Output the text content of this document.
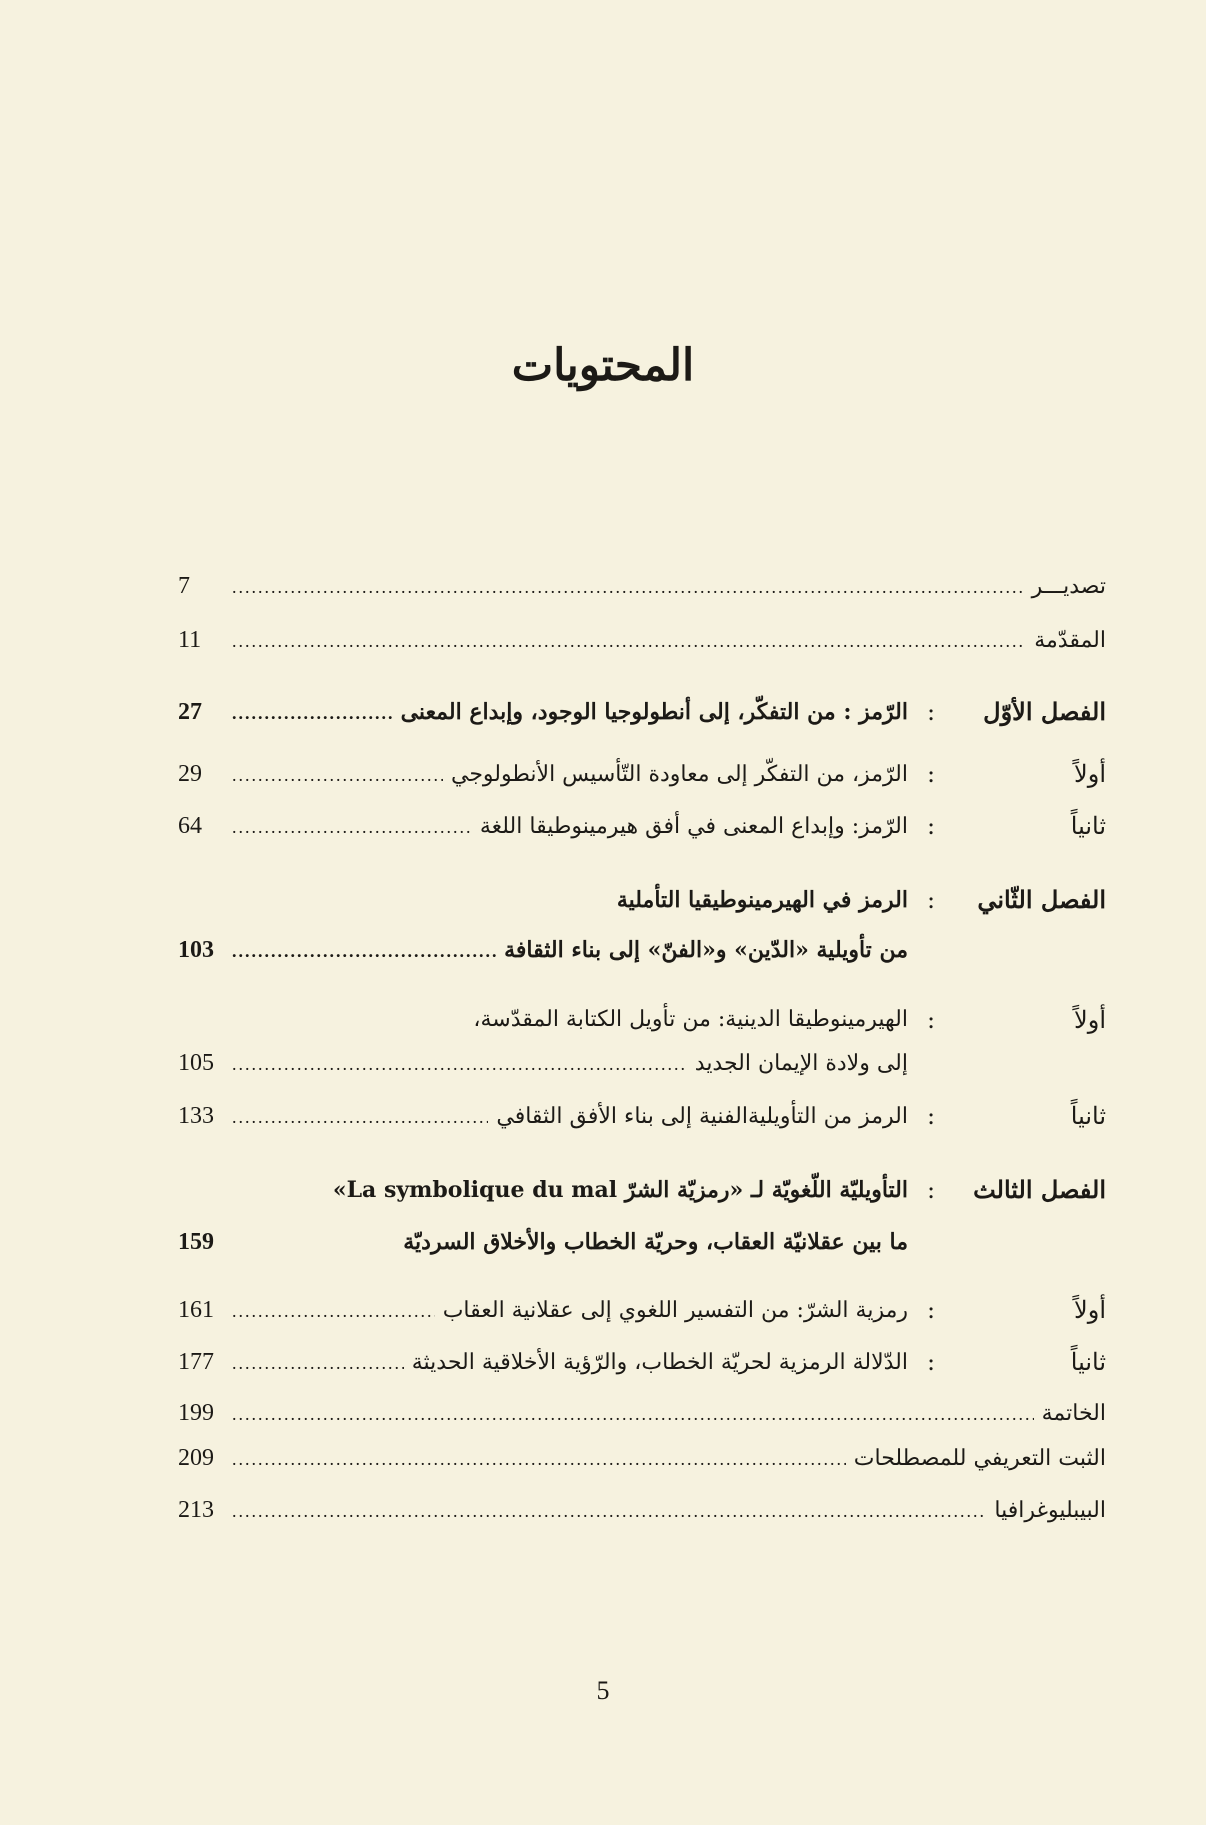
المحتويات
تصديـــر
.....
7
المقدّمة
.....
11
الفصل الأوّل
:
الرّمز : من التفكّر، إلى أنطولوجيا الوجود، وإبداع المعنى
.....
27
أولاً
:
الرّمز، من التفكّر إلى معاودة التّأسيس الأنطولوجي
.....
29
ثانياً
:
الرّمز: وإبداع المعنى في أفق هيرمينوطيقا اللغة
.....
64
الفصل الثّاني
:
الرمز في الهيرمينوطيقيا التأملية
من تأويلية «الدّين» و«الفنّ» إلى بناء الثقافة
.....
103
أولاً
:
الهيرمينوطيقا الدينية: من تأويل الكتابة المقدّسة،
إلى ولادة الإيمان الجديد
.....
105
ثانياً
:
الرمز من التأويليةالفنية إلى بناء الأفق الثقافي
.....
133
الفصل الثالث
:
التأويليّة اللّغويّة لـ «رمزيّة الشرّ La symbolique du mal»
ما بين عقلانيّة العقاب، وحريّة الخطاب والأخلاق السرديّة
159
أولاً
:
رمزية الشرّ: من التفسير اللغوي إلى عقلانية العقاب
.....
161
ثانياً
:
الدّلالة الرمزية لحريّة الخطاب، والرّؤية الأخلاقية الحديثة
.....
177
الخاتمة
.....
199
الثبت التعريفي للمصطلحات
.....
209
البيبليوغرافيا
.....
213
5
